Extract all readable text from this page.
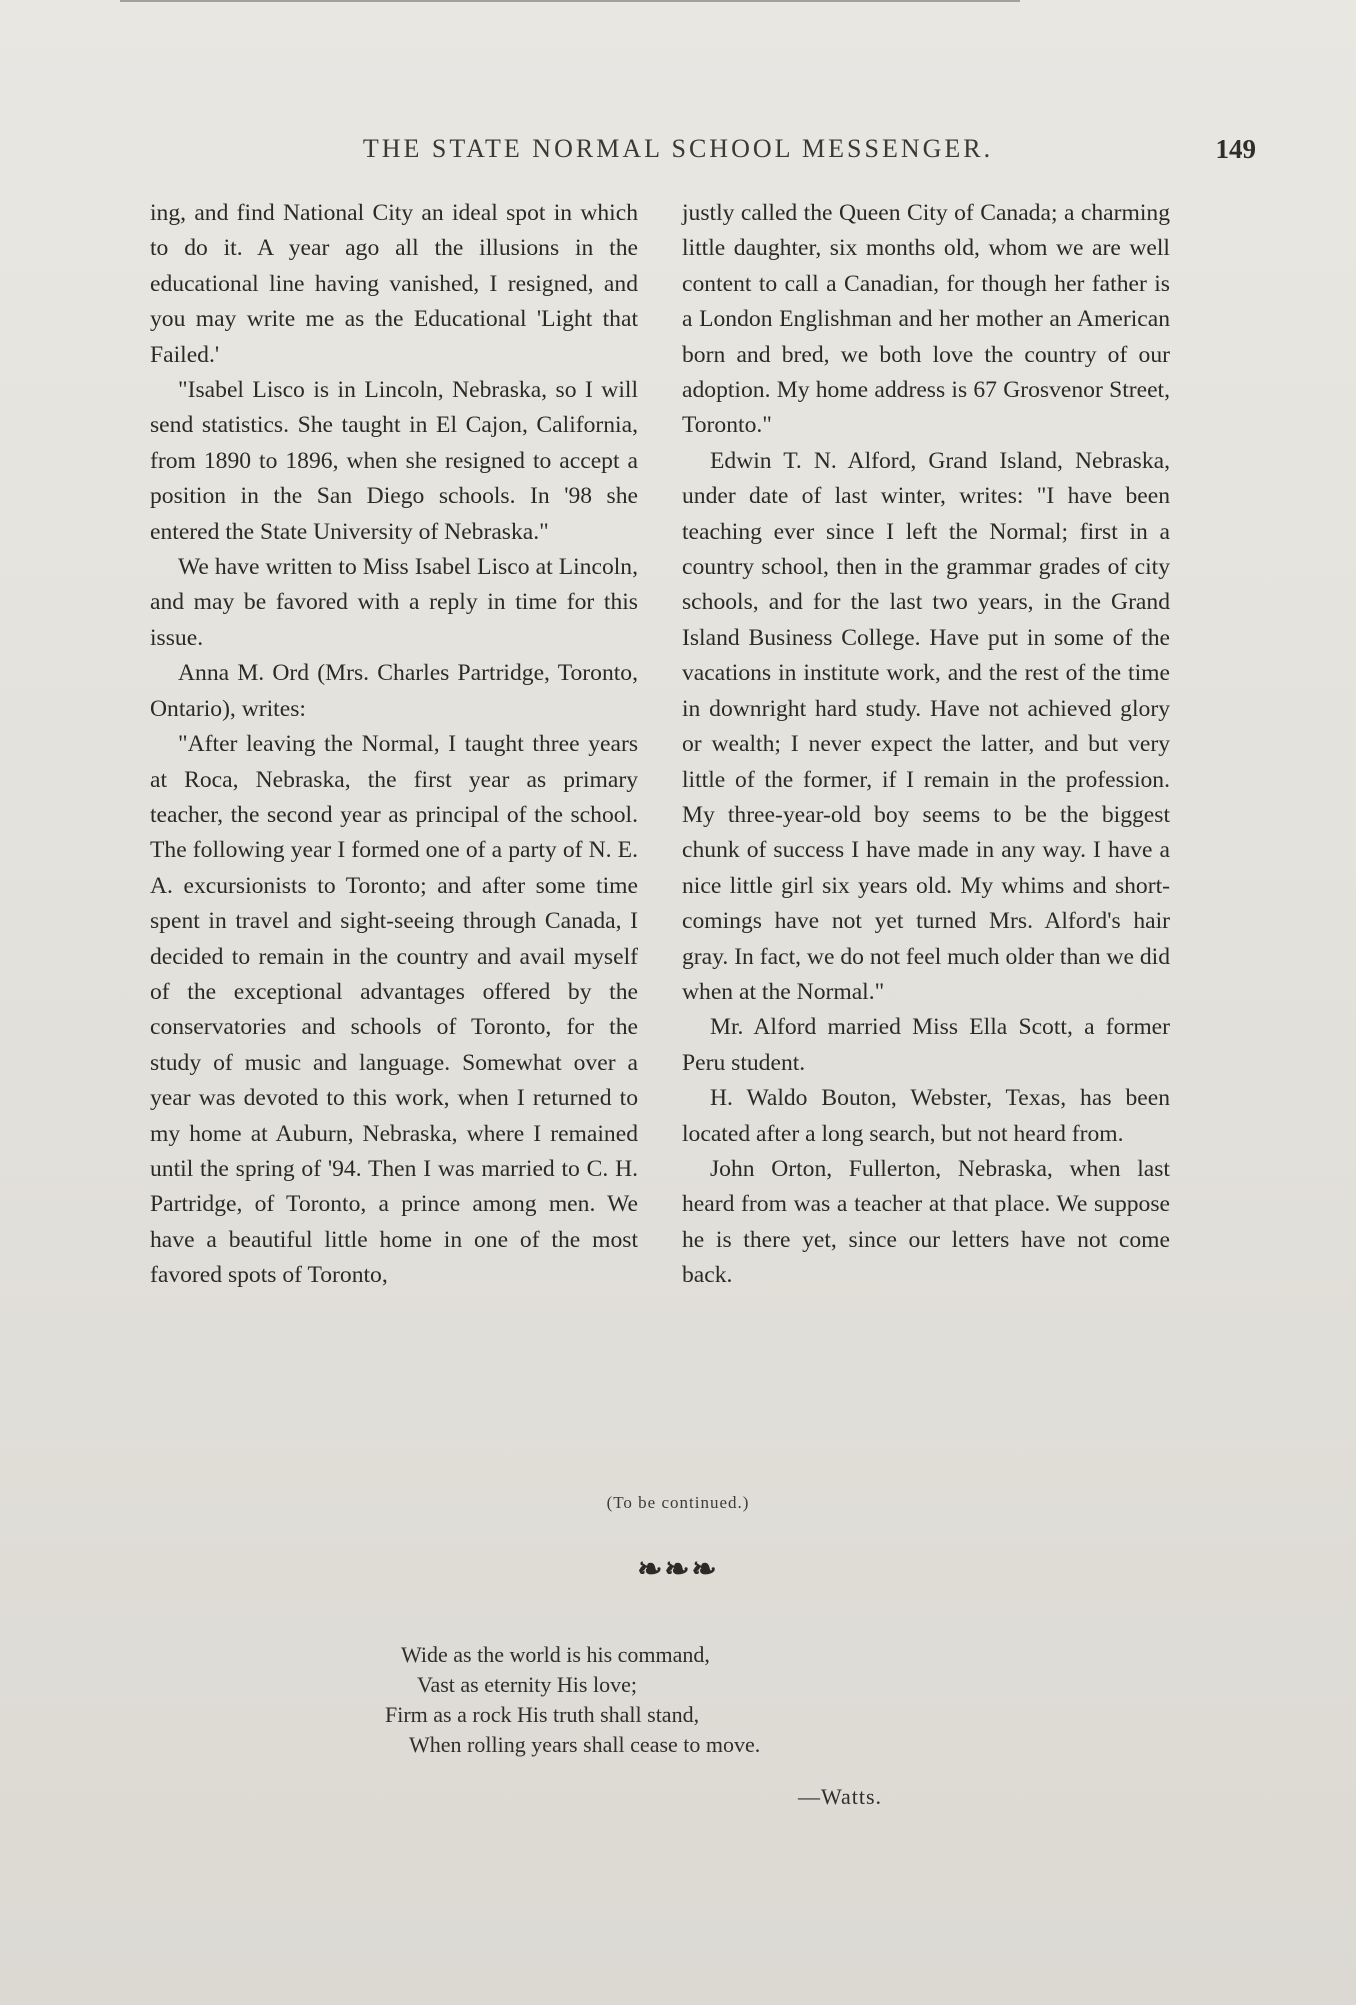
THE STATE NORMAL SCHOOL MESSENGER.	149

ing, and find National City an ideal spot in which to do it. A year ago all the illusions in the educational line having vanished, I resigned, and you may write me as the Educational 'Light that Failed.'

"Isabel Lisco is in Lincoln, Nebraska, so I will send statistics. She taught in El Cajon, California, from 1890 to 1896, when she resigned to accept a position in the San Diego schools. In '98 she entered the State University of Nebraska."

We have written to Miss Isabel Lisco at Lincoln, and may be favored with a reply in time for this issue.

Anna M. Ord (Mrs. Charles Partridge, Toronto, Ontario), writes:

"After leaving the Normal, I taught three years at Roca, Nebraska, the first year as primary teacher, the second year as principal of the school. The following year I formed one of a party of N. E. A. excursionists to Toronto; and after some time spent in travel and sight-seeing through Canada, I decided to remain in the country and avail myself of the exceptional advantages offered by the conservatories and schools of Toronto, for the study of music and language. Somewhat over a year was devoted to this work, when I returned to my home at Auburn, Nebraska, where I remained until the spring of '94. Then I was married to C. H. Partridge, of Toronto, a prince among men. We have a beautiful little home in one of the most favored spots of Toronto,

justly called the Queen City of Canada; a charming little daughter, six months old, whom we are well content to call a Canadian, for though her father is a London Englishman and her mother an American born and bred, we both love the country of our adoption. My home address is 67 Grosvenor Street, Toronto."

Edwin T. N. Alford, Grand Island, Nebraska, under date of last winter, writes: "I have been teaching ever since I left the Normal; first in a country school, then in the grammar grades of city schools, and for the last two years, in the Grand Island Business College. Have put in some of the vacations in institute work, and the rest of the time in downright hard study. Have not achieved glory or wealth; I never expect the latter, and but very little of the former, if I remain in the profession. My three-year-old boy seems to be the biggest chunk of success I have made in any way. I have a nice little girl six years old. My whims and short-comings have not yet turned Mrs. Alford's hair gray. In fact, we do not feel much older than we did when at the Normal."

Mr. Alford married Miss Ella Scott, a former Peru student.

H. Waldo Bouton, Webster, Texas, has been located after a long search, but not heard from.

John Orton, Fullerton, Nebraska, when last heard from was a teacher at that place. We suppose he is there yet, since our letters have not come back.

(To be continued.)
❧❧❧
Wide as the world is his command,
Vast as eternity His love;
Firm as a rock His truth shall stand,
When rolling years shall cease to move.
—Watts.
